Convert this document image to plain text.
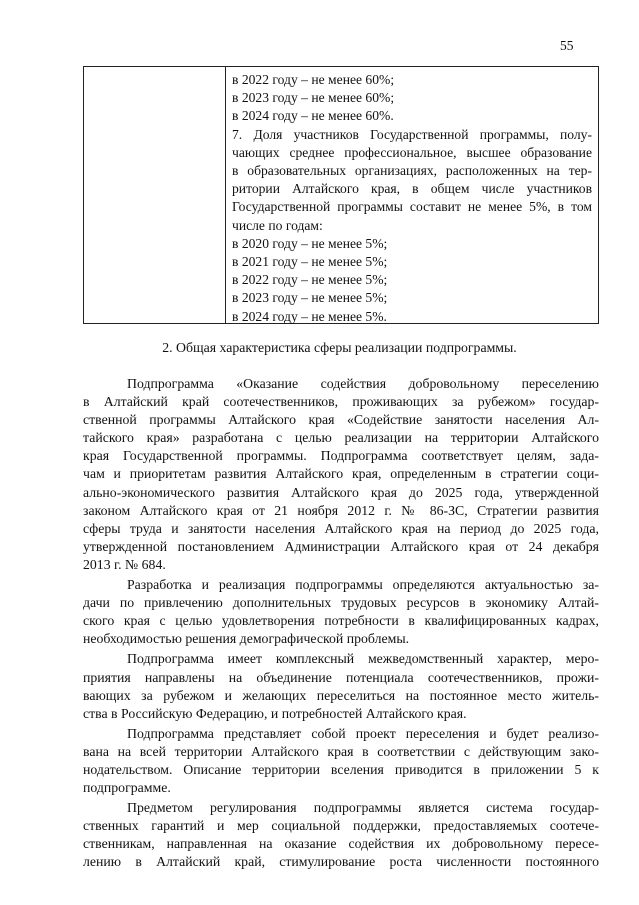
55
в 2022 году – не менее 60%;
в 2023 году – не менее 60%;
в 2024 году – не менее 60%.
7. Доля участников Государственной программы, полу-
чающих среднее профессиональное, высшее образование
в образовательных организациях, расположенных на тер-
ритории Алтайского края, в общем числе участников
Государственной программы составит не менее 5%, в том
числе по годам:
в 2020 году – не менее 5%;
в 2021 году – не менее 5%;
в 2022 году – не менее 5%;
в 2023 году – не менее 5%;
в 2024 году – не менее 5%.
2. Общая характеристика сферы реализации подпрограммы.
Подпрограмма «Оказание содействия добровольному переселению
в Алтайский край соотечественников, проживающих за рубежом» государ-
ственной программы Алтайского края «Содействие занятости населения Ал-
тайского края» разработана с целью реализации на территории Алтайского
края Государственной программы. Подпрограмма соответствует целям, зада-
чам и приоритетам развития Алтайского края, определенным в стратегии соци-
ально-экономического развития Алтайского края до 2025 года, утвержденной
законом Алтайского края от 21 ноября 2012 г. № 86-ЗС, Стратегии развития
сферы труда и занятости населения Алтайского края на период до 2025 года,
утвержденной постановлением Администрации Алтайского края от 24 декабря
2013 г. № 684.
Разработка и реализация подпрограммы определяются актуальностью за-
дачи по привлечению дополнительных трудовых ресурсов в экономику Алтай-
ского края с целью удовлетворения потребности в квалифицированных кадрах,
необходимостью решения демографической проблемы.
Подпрограмма имеет комплексный межведомственный характер, меро-
приятия направлены на объединение потенциала соотечественников, прожи-
вающих за рубежом и желающих переселиться на постоянное место житель-
ства в Российскую Федерацию, и потребностей Алтайского края.
Подпрограмма представляет собой проект переселения и будет реализо-
вана на всей территории Алтайского края в соответствии с действующим зако-
нодательством. Описание территории вселения приводится в приложении 5 к
подпрограмме.
Предметом регулирования подпрограммы является система государ-
ственных гарантий и мер социальной поддержки, предоставляемых соотече-
ственникам, направленная на оказание содействия их добровольному пересе-
лению в Алтайский край, стимулирование роста численности постоянного
